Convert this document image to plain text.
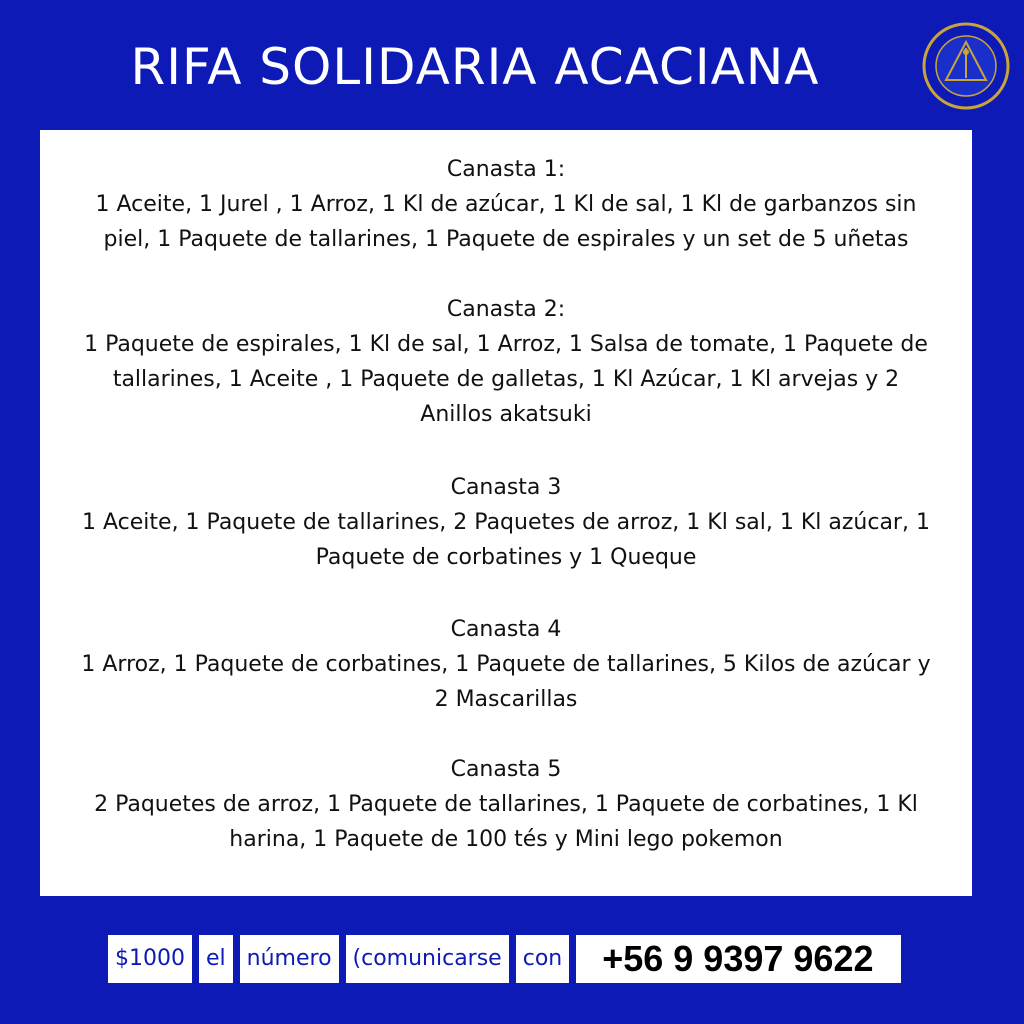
RIFA SOLIDARIA ACACIANA
Canasta 1:
1 Aceite, 1 Jurel , 1 Arroz, 1 Kl de azúcar, 1 Kl de sal, 1 Kl de garbanzos sin piel, 1 Paquete de tallarines, 1 Paquete de espirales y un set de 5 uñetas
Canasta 2:
1 Paquete de espirales, 1 Kl de sal, 1 Arroz, 1 Salsa de tomate, 1 Paquete de tallarines, 1 Aceite , 1 Paquete de galletas, 1 Kl Azúcar, 1 Kl arvejas y 2 Anillos akatsuki
Canasta 3
1 Aceite, 1 Paquete de tallarines, 2 Paquetes de arroz, 1 Kl sal, 1 Kl azúcar, 1 Paquete de corbatines y 1 Queque
Canasta 4
1 Arroz, 1 Paquete de corbatines, 1 Paquete de tallarines, 5 Kilos de azúcar y 2 Mascarillas
Canasta 5
2 Paquetes de arroz, 1 Paquete de tallarines, 1 Paquete de corbatines, 1 Kl harina, 1 Paquete de 100 tés y Mini lego pokemon
$1000 el número (comunicarse con	+56 9 9397 9622
